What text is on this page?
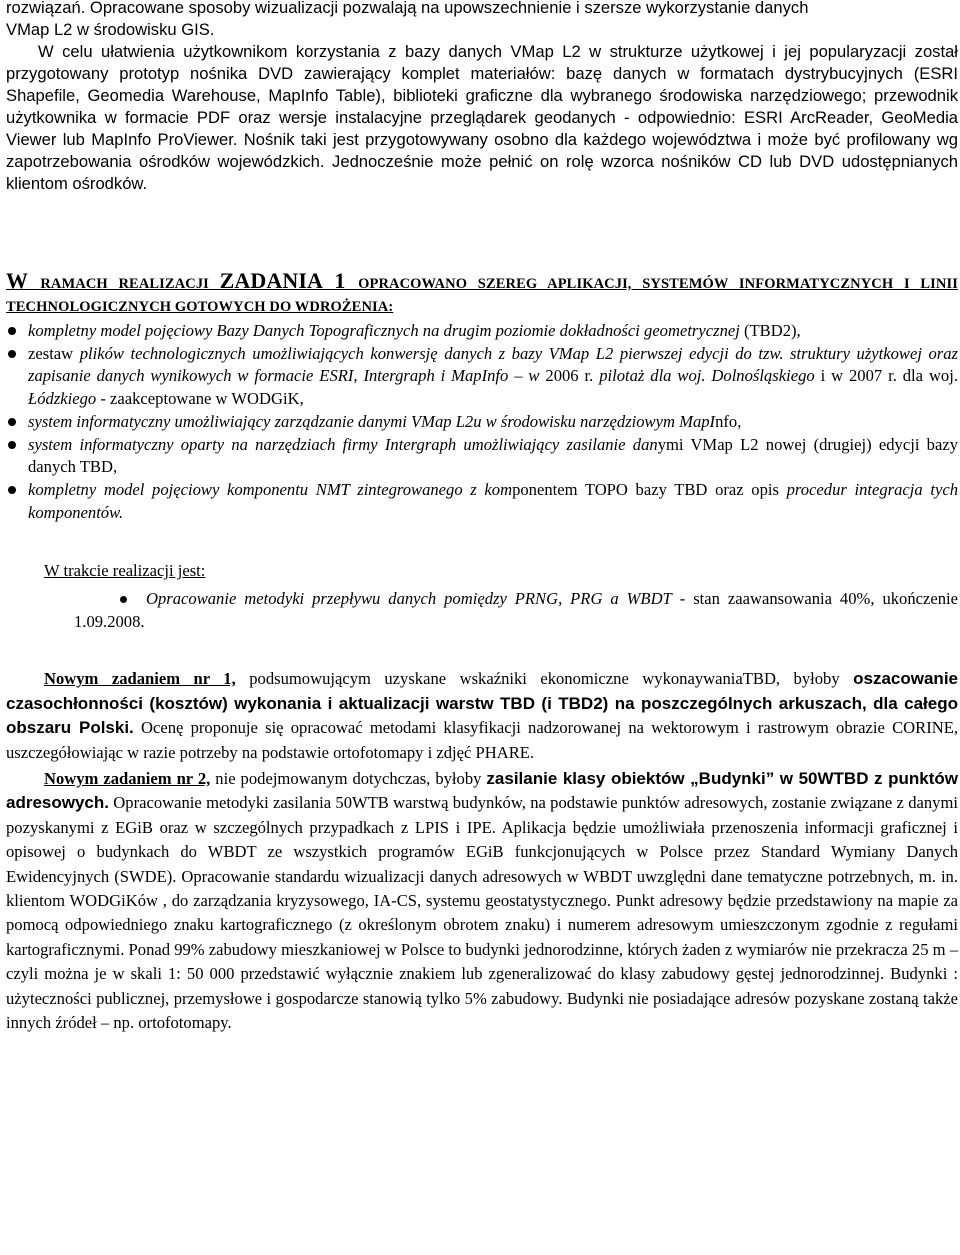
rozwiązań. Opracowane sposoby wizualizacji pozwalają na upowszechnienie i szersze wykorzystanie danych
VMap L2 w środowisku GIS.

W celu ułatwienia użytkownikom korzystania z bazy danych VMap L2 w strukturze użytkowej i jej popularyzacji został przygotowany prototyp nośnika DVD zawierający komplet materiałów: bazę danych w formatach dystrybucyjnych (ESRI Shapefile, Geomedia Warehouse, MapInfo Table), biblioteki graficzne dla wybranego środowiska narzędziowego; przewodnik użytkownika w formacie PDF oraz wersje instalacyjne przeglądarek geodanych - odpowiednio: ESRI ArcReader, GeoMedia Viewer lub MapInfo ProViewer. Nośnik taki jest przygotowywany osobno dla każdego województwa i może być profilowany wg zapotrzebowania ośrodków wojewódzkich. Jednocześnie może pełnić on rolę wzorca nośników CD lub DVD udostępnianych klientom ośrodków.

W RAMACH REALIZACJI ZADANIA 1 OPRACOWANO SZEREG APLIKACJI, SYSTEMÓW INFORMATYCZNYCH I LINII TECHNOLOGICZNYCH GOTOWYCH DO WDROŻENIA:
kompletny model pojęciowy Bazy Danych Topograficznych na drugim poziomie dokładności geometrycznej (TBD2),
zestaw plików technologicznych umożliwiających konwersję danych z bazy VMap L2 pierwszej edycji do tzw. struktury użytkowej oraz zapisanie danych wynikowych w formacie ESRI, Intergraph i MapInfo – w 2006 r. pilotaż dla woj. Dolnośląskiego i w 2007 r. dla woj. Łódzkiego - zaakceptowane w WODGiK,
system informatyczny umożliwiający zarządzanie danymi VMap L2u w środowisku narzędziowym MapInfo,
system informatyczny oparty na narzędziach firmy Intergraph umożliwiający zasilanie danymi VMap L2 nowej (drugiej) edycji bazy danych TBD,
kompletny model pojęciowy komponentu NMT zintegrowanego z komponentem TOPO bazy TBD oraz opis procedur integracja tych komponentów.
W trakcie realizacji jest:
Opracowanie metodyki przepływu danych pomiędzy PRNG, PRG a WBDT - stan zaawansowania 40%, ukończenie 1.09.2008.

Nowym zadaniem nr 1, podsumowującym uzyskane wskaźniki ekonomiczne wykonaywaniaTBD, byłoby oszacowanie czasochłonności (kosztów) wykonania i aktualizacji warstw TBD (i TBD2) na poszczególnych arkuszach, dla całego obszaru Polski. Ocenę proponuje się opracować metodami klasyfikacji nadzorowanej na wektorowym i rastrowym obrazie CORINE, uszczegółowiając w razie potrzeby na podstawie ortofotomapy i zdjęć PHARE.

Nowym zadaniem nr 2, nie podejmowanym dotychczas, byłoby zasilanie klasy obiektów „Budynki” w 50WTBD z punktów adresowych. Opracowanie metodyki zasilania 50WTB warstwą budynków, na podstawie punktów adresowych, zostanie związane z danymi pozyskanymi z EGiB oraz w szczególnych przypadkach z LPIS i IPE. Aplikacja będzie umożliwiała przenoszenia informacji graficznej i opisowej o budynkach do WBDT ze wszystkich programów EGiB funkcjonujących w Polsce przez Standard Wymiany Danych Ewidencyjnych (SWDE). Opracowanie standardu wizualizacji danych adresowych w WBDT uwzględni dane tematyczne potrzebnych, m. in. klientom WODGiKów , do zarządzania kryzysowego, IA-CS, systemu geostatystycznego. Punkt adresowy będzie przedstawiony na mapie za pomocą odpowiedniego znaku kartograficznego (z określonym obrotem znaku) i numerem adresowym umieszczonym zgodnie z regułami kartograficznymi. Ponad 99% zabudowy mieszkaniowej w Polsce to budynki jednorodzinne, których żaden z wymiarów nie przekracza 25 m – czyli można je w skali 1: 50 000 przedstawić wyłącznie znakiem lub zgeneralizować do klasy zabudowy gęstej jednorodzinnej. Budynki : użyteczności publicznej, przemysłowe i gospodarcze stanowią tylko 5% zabudowy. Budynki nie posiadające adresów pozyskane zostaną także innych źródeł – np. ortofotomapy.
